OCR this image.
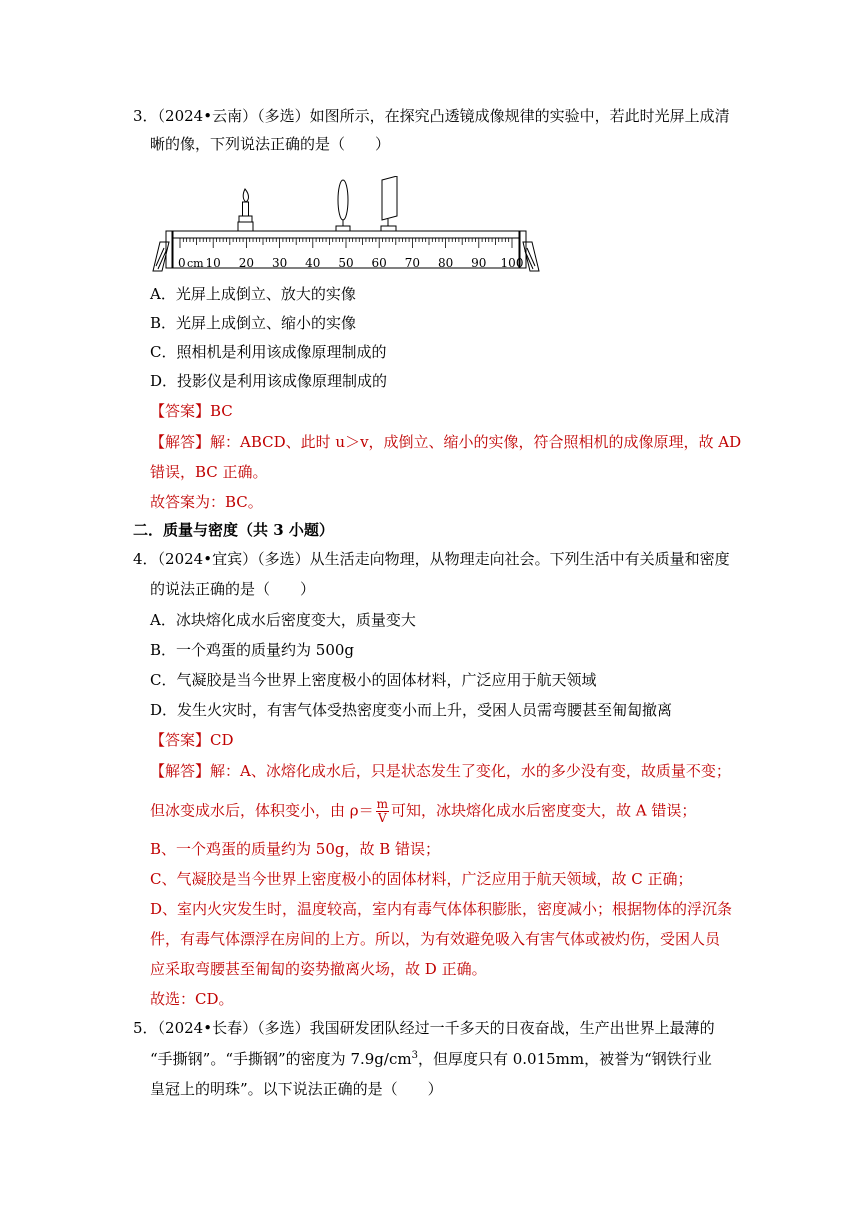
3．（2024•云南）（多选）如图所示，在探究凸透镜成像规律的实验中，若此时光屏上成清
晰的像，下列说法正确的是（　　）
0 10 20 30 40 50 60 70 80 90 100
cm
A．光屏上成倒立、放大的实像
B．光屏上成倒立、缩小的实像
C．照相机是利用该成像原理制成的
D．投影仪是利用该成像原理制成的
【答案】BC
【解答】解：ABCD、此时 u＞v，成倒立、缩小的实像，符合照相机的成像原理，故 AD
错误，BC 正确。
故答案为：BC。
二．质量与密度（共 3 小题）
4．（2024•宜宾）（多选）从生活走向物理，从物理走向社会。下列生活中有关质量和密度
的说法正确的是（　　）
A．冰块熔化成水后密度变大，质量变大
B．一个鸡蛋的质量约为 500g
C．气凝胶是当今世界上密度极小的固体材料，广泛应用于航天领域
D．发生火灾时，有害气体受热密度变小而上升，受困人员需弯腰甚至匍匐撤离
【答案】CD
【解答】解：A、冰熔化成水后，只是状态发生了变化，水的多少没有变，故质量不变；
但冰变成水后，体积变小，由 $\rho= \frac{m}{V}$ 可知，冰块熔化成水后密度变大，故 A 错误；
B、一个鸡蛋的质量约为 50g，故 B 错误；
C、气凝胶是当今世界上密度极小的固体材料，广泛应用于航天领域，故 C 正确；
D、室内火灾发生时，温度较高，室内有毒气体体积膨胀，密度减小；根据物体的浮沉条
件，有毒气体漂浮在房间的上方。所以，为有效避免吸入有害气体或被灼伤，受困人员
应采取弯腰甚至匍匐的姿势撤离火场，故 D 正确。
故选：CD。
5．（2024•长春）（多选）我国研发团队经过一千多天的日夜奋战，生产出世界上最薄的
“手撕钢”。“手撕钢”的密度为 $7.9g/cm^3$，但厚度只有 0.015mm，被誉为“钢铁行业
皇冠上的明珠”。以下说法正确的是（　　）
